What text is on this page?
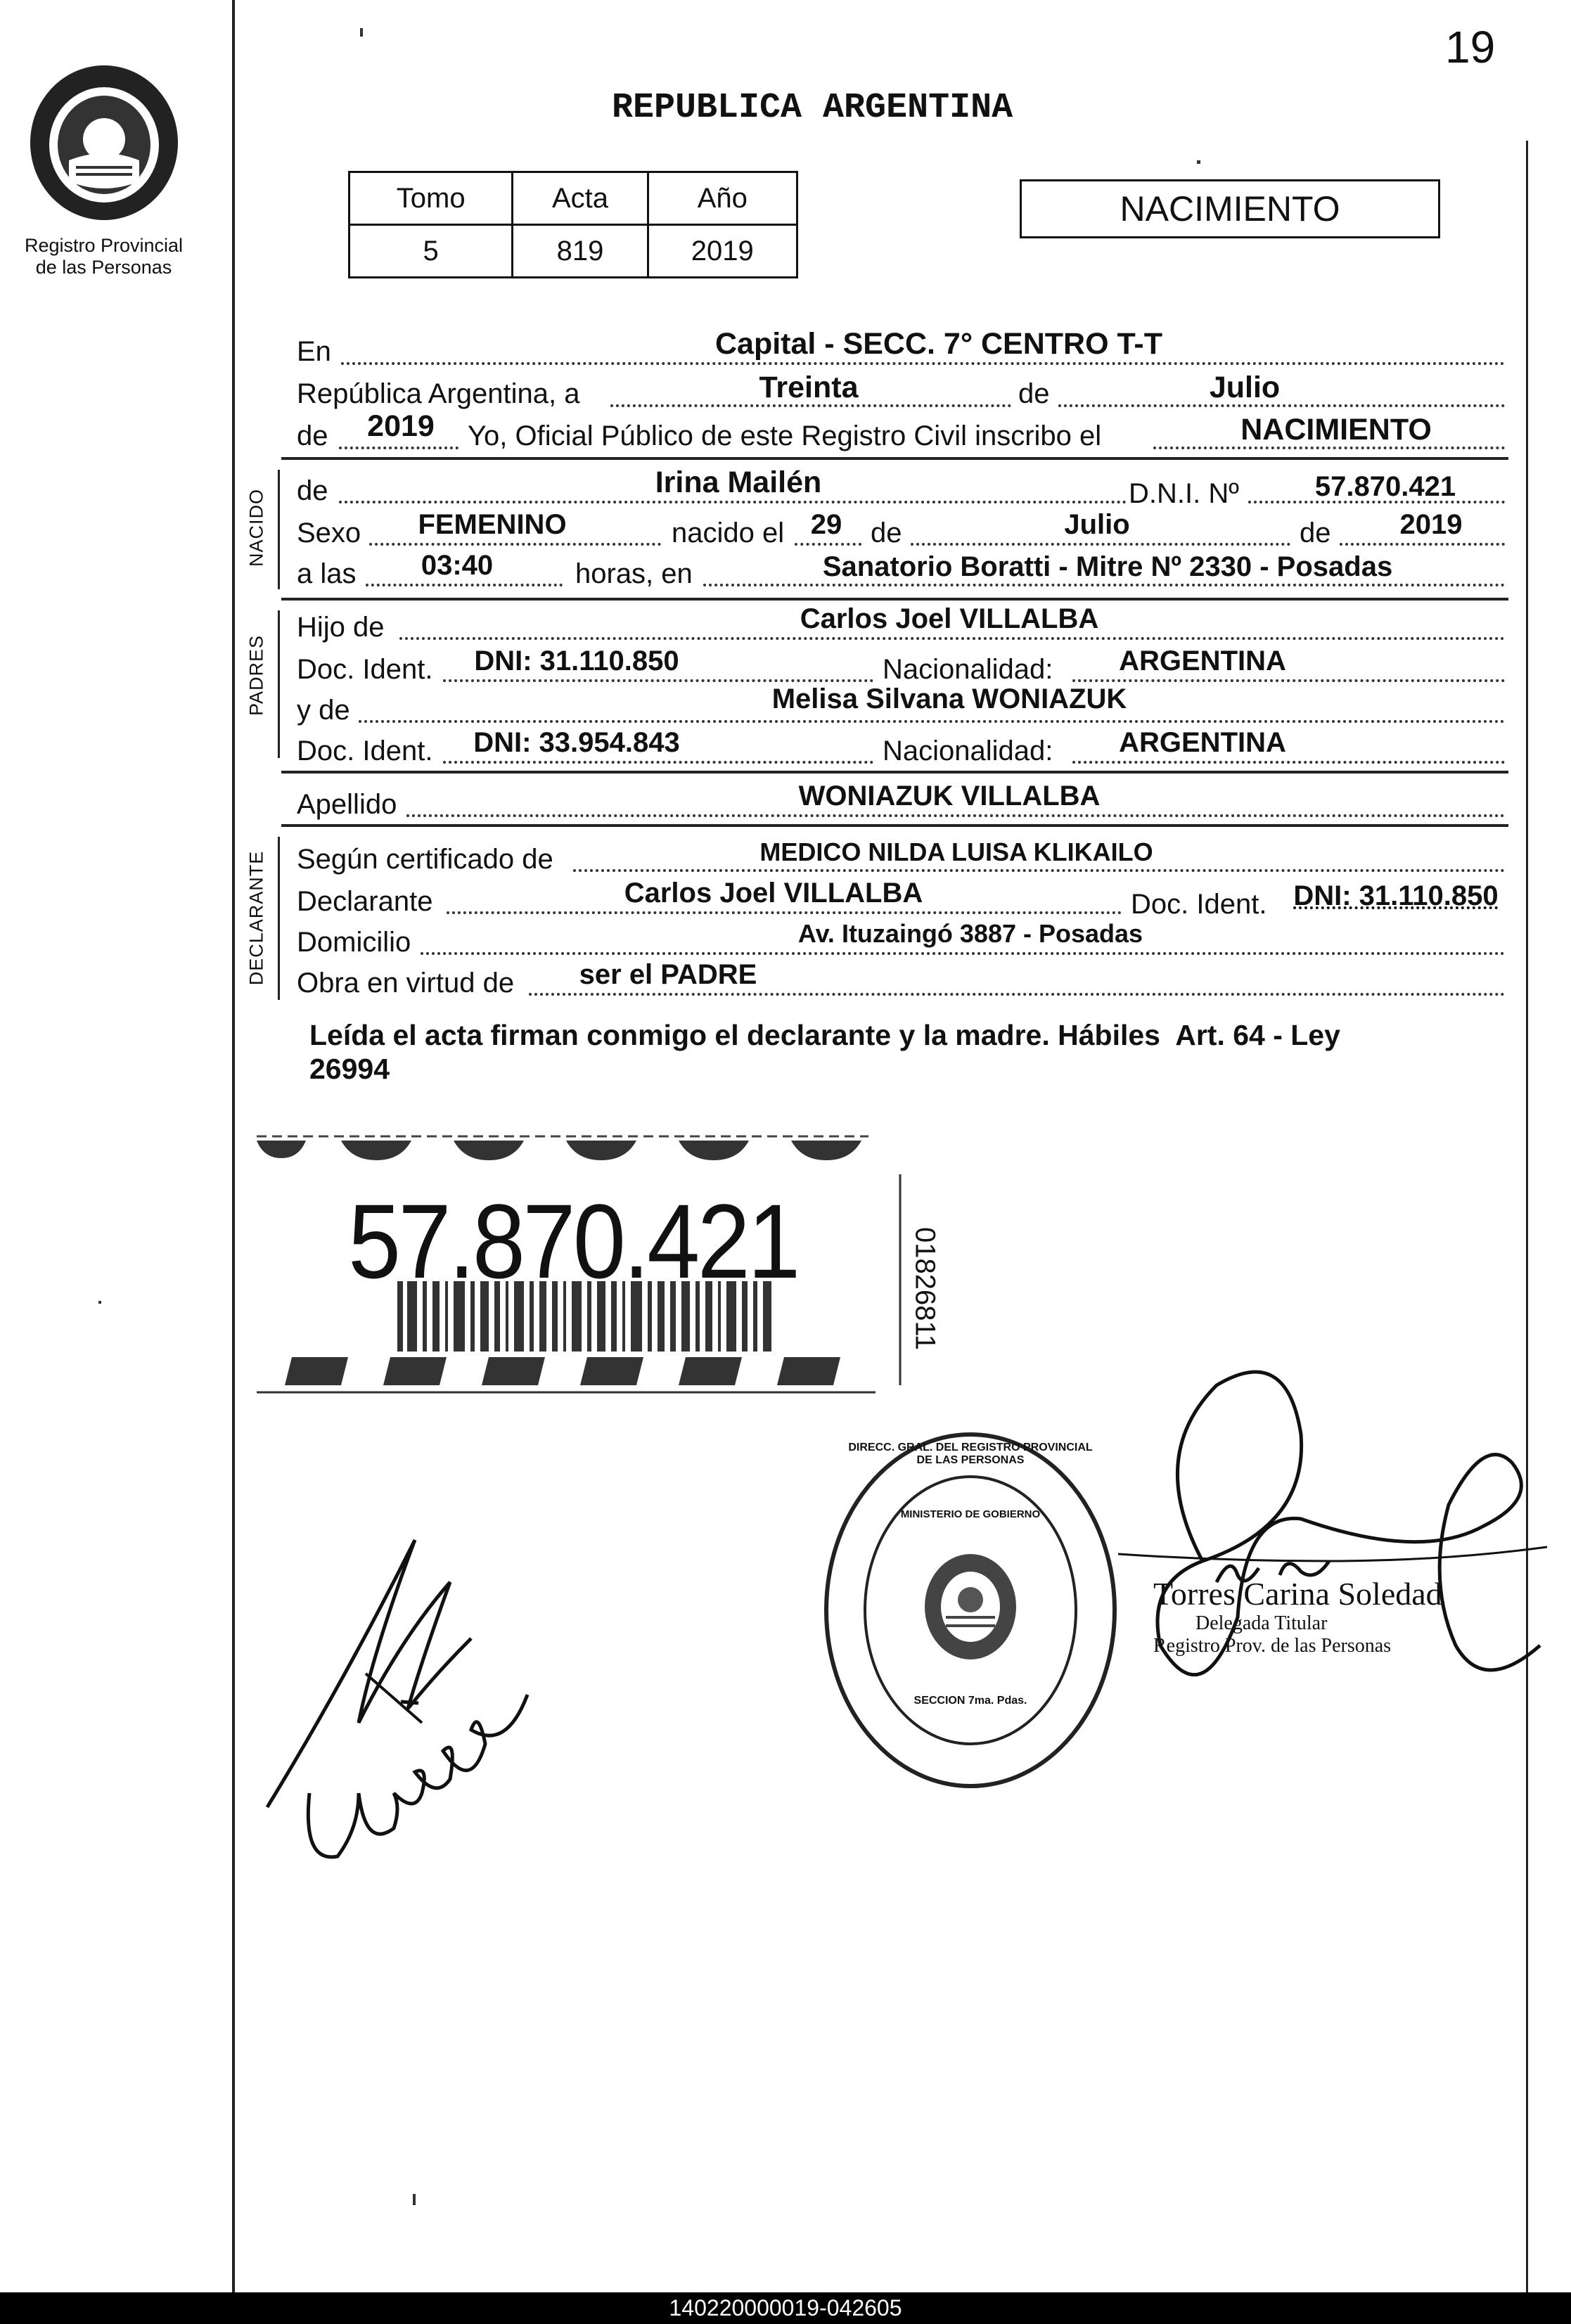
19
Registro Provincial
de las Personas
REPUBLICA ARGENTINA
Tomo	Acta	Año
5	819	2019
NACIMIENTO
En	Capital - SECC. 7° CENTRO T-T
República Argentina, a	Treinta	de	Julio
de	2019	Yo, Oficial Público de este Registro Civil inscribo el	NACIMIENTO
NACIDO de	Irina Mailén	D.N.I. Nº	57.870.421
Sexo	FEMENINO	nacido el 29	de	Julio	de	2019
a las	03:40	horas, en	Sanatorio Boratti - Mitre Nº 2330 - Posadas
PADRES
Hijo de	Carlos Joel VILLALBA
Doc. Ident.	DNI: 31.110.850	Nacionalidad:	ARGENTINA
y de	Melisa Silvana WONIAZUK
Doc. Ident.	DNI: 33.954.843	Nacionalidad:	ARGENTINA
Apellido	WONIAZUK VILLALBA
DECLARANTE Según certificado de	MEDICO NILDA LUISA KLIKAILO
Declarante	Carlos Joel VILLALBA	Doc. Ident. DNI: 31.110.850
Domicilio	Av. Ituzaingó 3887 - Posadas
Obra en virtud de	ser el PADRE
Leída el acta firman conmigo el declarante y la madre. Hábiles  Art. 64 - Ley
26994
57.870.421	01826811
DIRECC. GRAL. DEL REGISTRO PROVINCIAL DE LAS PERSONAS
MINISTERIO DE GOBIERNO
SECCION 7ma. Pdas.
Torres Carina Soledad
Delegada Titular
Registro Prov. de las Personas
140220000019-042605
